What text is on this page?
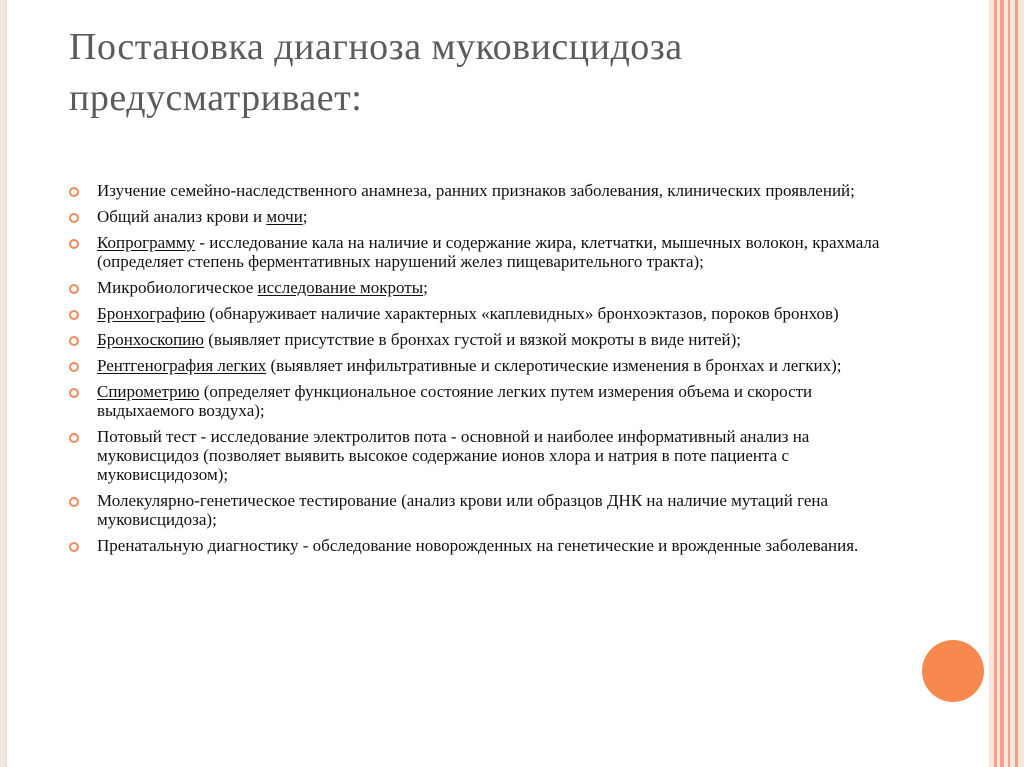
Постановка диагноза муковисцидоза предусматривает:
Изучение семейно-наследственного анамнеза, ранних признаков заболевания, клинических проявлений;
Общий анализ крови и мочи;
Копрограмму - исследование кала на наличие и содержание жира, клетчатки, мышечных волокон, крахмала (определяет степень ферментативных нарушений желез пищеварительного тракта);
Микробиологическое исследование мокроты;
Бронхографию (обнаруживает наличие характерных «каплевидных» бронхоэктазов, пороков бронхов)
Бронхоскопию (выявляет присутствие в бронхах густой и вязкой мокроты в виде нитей);
Рентгенография легких (выявляет инфильтративные и склеротические изменения в бронхах и легких);
Спирометрию (определяет функциональное состояние легких путем измерения объема и скорости выдыхаемого воздуха);
Потовый тест - исследование электролитов пота - основной и наиболее информативный анализ на муковисцидоз (позволяет выявить высокое содержание ионов хлора и натрия в поте пациента с муковисцидозом);
Молекулярно-генетическое тестирование (анализ крови или образцов ДНК на наличие мутаций гена муковисцидоза);
Пренатальную диагностику - обследование новорожденных на генетические и врожденные заболевания.
